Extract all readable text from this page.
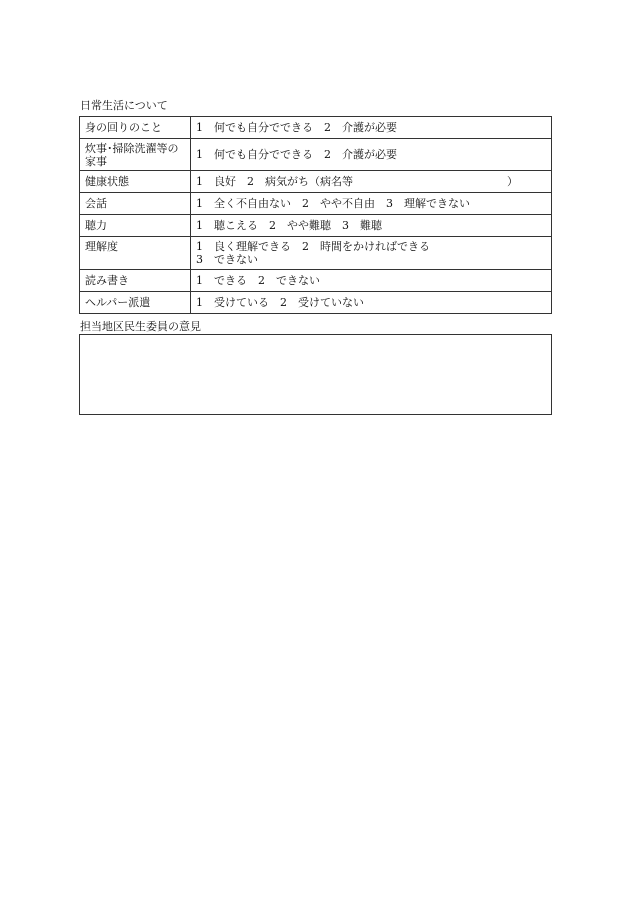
日常生活について
身の回りのこと	1　何でも自分でできる　2　介護が必要

炊事･掃除洗濯等の家事	1　何でも自分でできる　2　介護が必要

健康状態	1　良好　2　病気がち（病名等　　　　　　　　　　　　　　）

会話	1　全く不自由ない　2　やや不自由　3　理解できない

聴力	1　聴こえる　2　やや難聴　3　難聴

理解度	1　良く理解できる　2　時間をかければできる
3　できない

読み書き	1　できる　2　できない

ヘルパー派遣	1　受けている　2　受けていない
担当地区民生委員の意見
